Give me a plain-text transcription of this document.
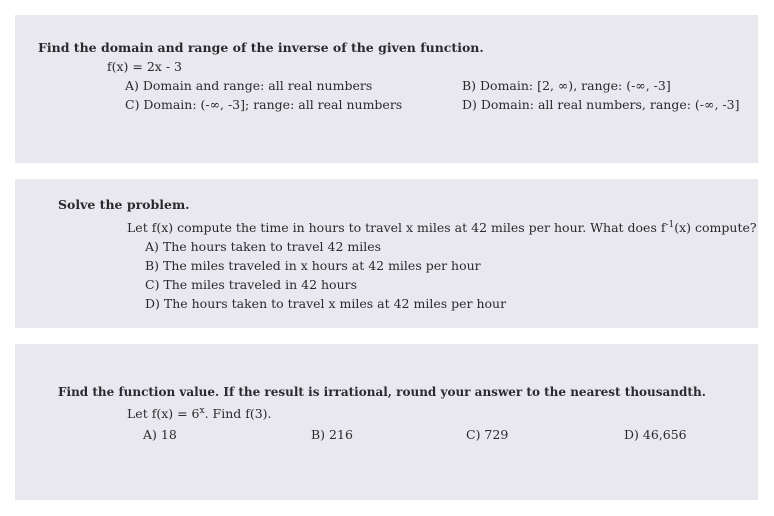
Find the domain and range of the inverse of the given function.
f(x) = 2x - 3
A) Domain and range: all real numbers	B) Domain: [2, ∞), range: (-∞, -3]
C) Domain: (-∞, -3]; range: all real numbers	D) Domain: all real numbers, range: (-∞, -3]
Solve the problem.
Let f(x) compute the time in hours to travel x miles at 42 miles per hour. What does $f^{-1}(x)$ compute?
A) The hours taken to travel 42 miles
B) The miles traveled in x hours at 42 miles per hour
C) The miles traveled in 42 hours
D) The hours taken to travel x miles at 42 miles per hour
Find the function value. If the result is irrational, round your answer to the nearest thousandth.
Let $f(x) = 6^x$. Find f(3).
A) 18	B) 216	C) 729	D) 46,656
